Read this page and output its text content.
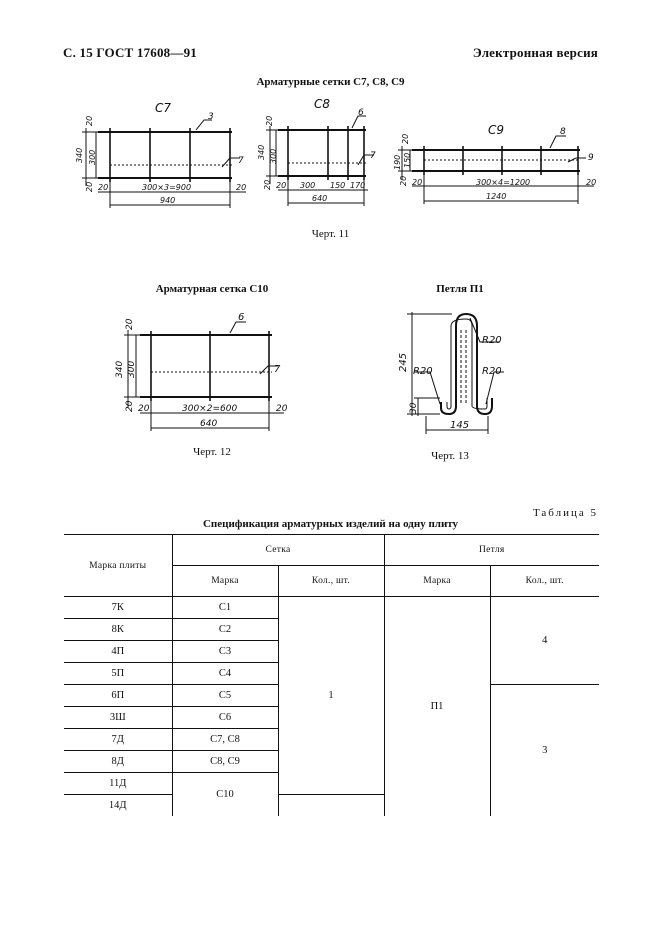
С. 15 ГОСТ 17608—91	Электронная версия
Арматурные сетки С7, С8, С9
С7
3
7
20
300
340
20 20	20
300×3=900
940
С8
6
7
20
300
340
20 20 300 150 170
640
С9	8
9
20
150
190
20 20	20
300×4=1200
1240
Черт. 11
Арматурная сетка С10	Петля П1
6
7
20
300
340
20 20	20
300×2=600
640
Черт. 12
245
30
145
R20
R20	R20
Черт. 13
Таблица 5
Спецификация арматурных изделий на одну плиту
Марка плиты	Сетка		Петля	
	Марка	Кол., шт.	Марка	Кол., шт.
7К	С1	1	П1	4
8К	С2			
4П	С3			
5П	С4			
6П	С5			3
3Ш	С6			
7Д	С7, С8			
8Д	С8, С9			
11Д	С10			
14Д				
